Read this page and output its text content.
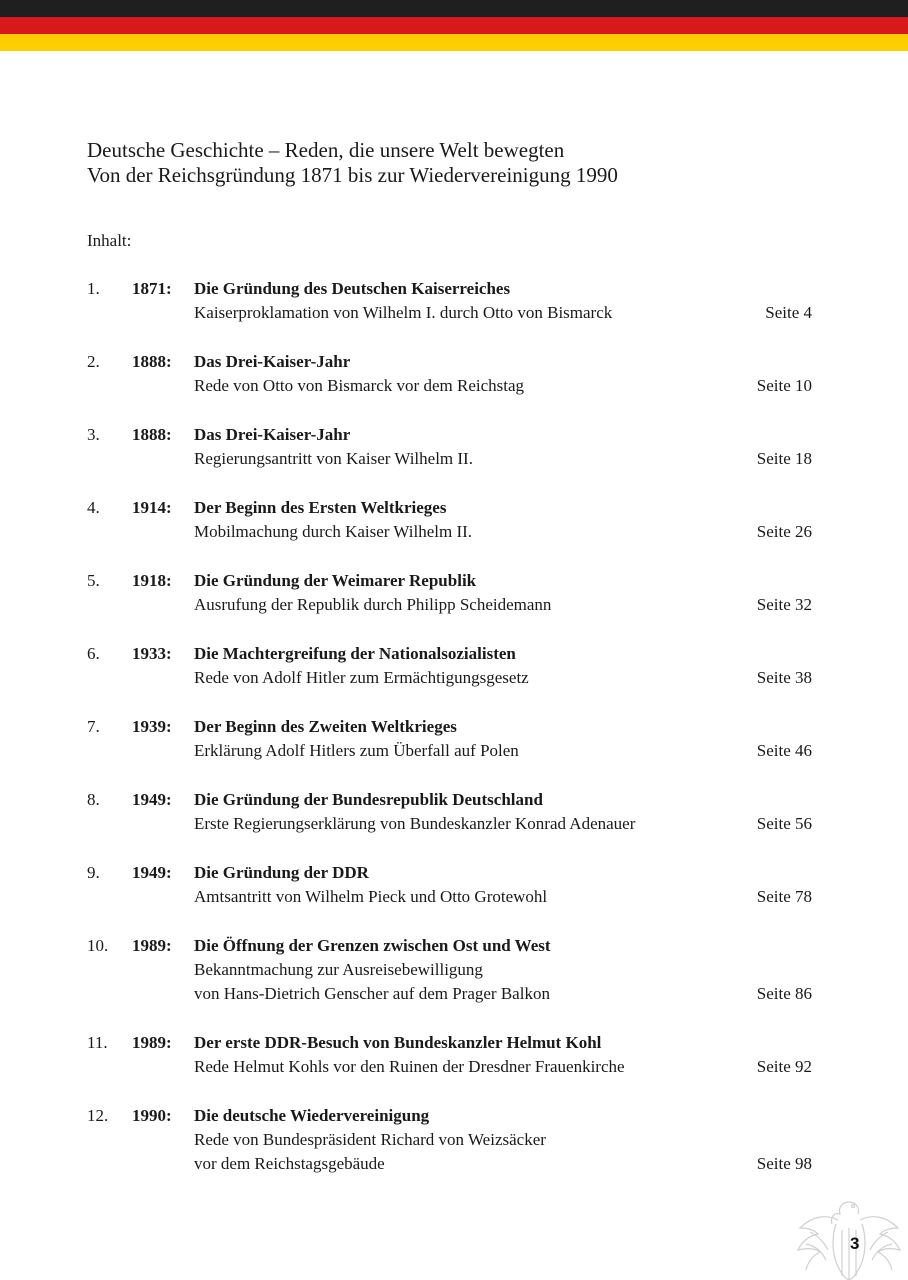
Deutsche Geschichte – Reden, die unsere Welt bewegten
Von der Reichsgründung 1871 bis zur Wiedervereinigung 1990
Inhalt:
1. 1871: Die Gründung des Deutschen Kaiserreiches
Kaiserproklamation von Wilhelm I. durch Otto von Bismarck	Seite 4
2. 1888: Das Drei-Kaiser-Jahr
Rede von Otto von Bismarck vor dem Reichstag	Seite 10
3. 1888: Das Drei-Kaiser-Jahr
Regierungsantritt von Kaiser Wilhelm II.	Seite 18
4. 1914: Der Beginn des Ersten Weltkrieges
Mobilmachung durch Kaiser Wilhelm II.	Seite 26
5. 1918: Die Gründung der Weimarer Republik
Ausrufung der Republik durch Philipp Scheidemann	Seite 32
6. 1933: Die Machtergreifung der Nationalsozialisten
Rede von Adolf Hitler zum Ermächtigungsgesetz	Seite 38
7. 1939: Der Beginn des Zweiten Weltkrieges
Erklärung Adolf Hitlers zum Überfall auf Polen	Seite 46
8. 1949: Die Gründung der Bundesrepublik Deutschland
Erste Regierungserklärung von Bundeskanzler Konrad Adenauer	Seite 56
9. 1949: Die Gründung der DDR
Amtsantritt von Wilhelm Pieck und Otto Grotewohl	Seite 78
10. 1989: Die Öffnung der Grenzen zwischen Ost und West
Bekanntmachung zur Ausreisebewilligung
von Hans-Dietrich Genscher auf dem Prager Balkon	Seite 86
11. 1989: Der erste DDR-Besuch von Bundeskanzler Helmut Kohl
Rede Helmut Kohls vor den Ruinen der Dresdner Frauenkirche	Seite 92
12. 1990: Die deutsche Wiedervereinigung
Rede von Bundespräsident Richard von Weizsäcker
vor dem Reichstagsgebäude	Seite 98
3
